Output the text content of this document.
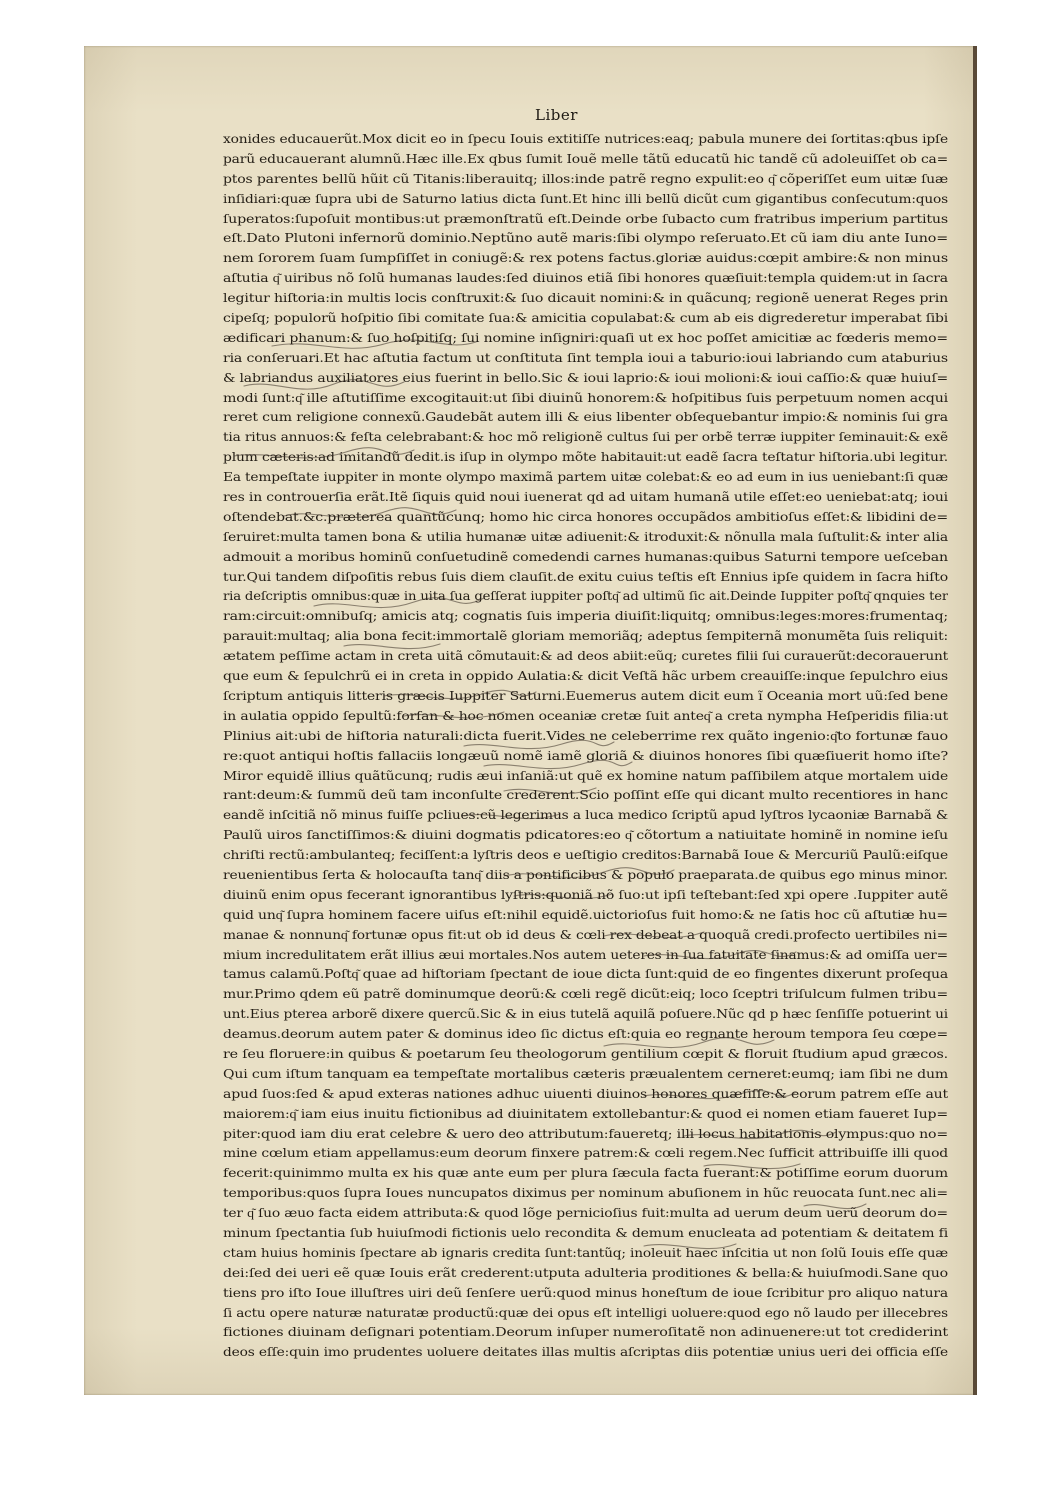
Liber
xonides educauerũt.Mox dicit eo in ſpecu Iouis extitiſſe nutrices:eaq; pabula munere dei ſortitas:qbus ipſe
parũ educauerant alumnũ.Hæc ille.Ex qbus ſumit Iouẽ melle tãtũ educatũ hic tandẽ cũ adoleuiſſet ob ca=
ptos parentes bellũ hũit cũ Titanis:liberauitq; illos:inde patrẽ regno expulit:eo q͂ cõperiſſet eum uitæ ſuæ
inſidiari:quæ ſupra ubi de Saturno latius dicta ſunt.Et hinc illi bellũ dicũt cum gigantibus conſecutum:quos
ſuperatos:ſupoſuit montibus:ut præmonſtratũ eſt.Deinde orbe ſubacto cum fratribus imperium partitus
eſt.Dato Plutoni infernorũ dominio.Neptũno autẽ maris:ſibi olympo reſeruato.Et cũ iam diu ante Iuno=
nem ſororem ſuam ſumpſiſſet in coniugẽ:& rex potens factus.gloriæ auidus:cœpit ambire:& non minus
aſtutia q͂ uiribus nõ ſolũ humanas laudes:ſed diuinos etiã ſibi honores quæſiuit:templa quidem:ut in ſacra
legitur hiſtoria:in multis locis conſtruxit:& ſuo dicauit nomini:& in quãcunq; regionẽ uenerat Reges prin
cipeſq; populorũ hoſpitio ſibi comitate ſua:& amicitia copulabat:& cum ab eis digrederetur imperabat ſibi
ædificari phanum:& ſuo hoſpitiſq; ſui nomine inſigniri:quaſi ut ex hoc poſſet amicitiæ ac fœderis memo=
ria conſeruari.Et hac aſtutia factum ut conſtituta ſint templa ioui a taburio:ioui labriando cum ataburius
& labriandus auxiliatores eius fuerint in bello.Sic & ioui laprio:& ioui molioni:& ioui caſſio:& quæ huiuſ=
modi ſunt:q͂ ille aſtutiſſime excogitauit:ut ſibi diuinũ honorem:& hoſpitibus ſuis perpetuum nomen acqui
reret cum religione connexũ.Gaudebãt autem illi & eius libenter obſequebantur impio:& nominis ſui gra
tia ritus annuos:& feſta celebrabant:& hoc mõ religionẽ cultus ſui per orbẽ terræ iuppiter ſeminauit:& exẽ
plum cæteris:ad imitandũ dedit.is iſup in olympo mõte habitauit:ut eadẽ ſacra teſtatur hiſtoria.ubi legitur.
Ea tempeſtate iuppiter in monte olympo maximã partem uitæ colebat:& eo ad eum in ius ueniebant:ſi quæ
res in controuerſia erãt.Itẽ ſiquis quid noui iuenerat qd ad uitam humanã utile eſſet:eo ueniebat:atq; ioui
oſtendebat.&c.præterea quantũcunq; homo hic circa honores occupãdos ambitioſus eſſet:& libidini de=
ſeruiret:multa tamen bona & utilia humanæ uitæ adiuenit:& itroduxit:& nõnulla mala ſuſtulit:& inter alia
admouit a moribus hominũ conſuetudinẽ comedendi carnes humanas:quibus Saturni tempore ueſceban
tur.Qui tandem diſpoſitis rebus ſuis diem clauſit.de exitu cuius teſtis eſt Ennius ipſe quidem in ſacra hiſto
ria deſcriptis omnibus:quæ in uita ſua geſſerat iuppiter poſtq͂ ad ultimũ ſic ait.Deinde Iuppiter poſtq͂ qnquies ter
ram:circuit:omnibuſq; amicis atq; cognatis ſuis imperia diuiſit:liquitq; omnibus:leges:mores:frumentaq;
parauit:multaq; alia bona fecit:immortalẽ gloriam memoriãq; adeptus ſempiternã monumẽta ſuis reliquit:
ætatem peſſime actam in creta uitã cõmutauit:& ad deos abiit:eũq; curetes filii ſui curauerũt:decorauerunt
que eum & ſepulchrũ ei in creta in oppido Aulatia:& dicit Veſtã hãc urbem creauiſſe:inque ſepulchro eius
ſcriptum antiquis litteris græcis Iuppiter Saturni.Euemerus autem dicit eum ĩ Oceania mort uũ:ſed bene
in aulatia oppido ſepultũ:forſan & hoc nomen oceaniæ cretæ ſuit anteq͂ a creta nympha Heſperidis filia:ut
Plinius ait:ubi de hiſtoria naturali:dicta fuerit.Vides ne celeberrime rex quãto ingenio:q͂to fortunæ fauo
re:quot antiqui hoſtis fallaciis longæuũ nomẽ iamẽ gloriã & diuinos honores ſibi quæſiuerit homo iſte?
Miror equidẽ illius quãtũcunq; rudis æui inſaniã:ut quẽ ex homine natum paſſibilem atque mortalem uide
rant:deum:& ſummũ deũ tam inconſulte crederent.Scio poſſint eſſe qui dicant multo recentiores in hanc
eandẽ inſcitiã nõ minus fuiſſe pcliues:cũ legerimus a luca medico ſcriptũ apud lyſtros lycaoniæ Barnabã &
Paulũ uiros ſanctiſſimos:& diuini dogmatis pdicatores:eo q͂ cõtortum a natiuitate hominẽ in nomine ieſu
chriſti rectũ:ambulanteq; feciſſent:a lyſtris deos e ueſtigio creditos:Barnabã Ioue & Mercuriũ Paulũ:eiſque
reuenientibus ſerta & holocauſta tanq͂ diis a pontificibus & populo praeparata.de quibus ego minus minor.
diuinũ enim opus fecerant ignorantibus lyſtris:quoniã nõ ſuo:ut ipſi teſtebant:ſed xpi opere .Iuppiter autẽ
quid unq͂ ſupra hominem facere uiſus eſt:nihil equidẽ.uictorioſus fuit homo:& ne ſatis hoc cũ aſtutiæ hu=
manae & nonnunq͂ fortunæ opus fit:ut ob id deus & cœli rex debeat a quoquã credi.profecto uertibiles ni=
mium incredulitatem erãt illius æui mortales.Nos autem ueteres in ſua fatuitate ſinamus:& ad omiſſa uer=
tamus calamũ.Poſtq͂ quae ad hiſtoriam ſpectant de ioue dicta ſunt:quid de eo fingentes dixerunt proſequa
mur.Primo qdem eũ patrẽ dominumque deorũ:& cœli regẽ dicũt:eiq; loco ſceptri triſulcum fulmen tribu=
unt.Eius pterea arborẽ dixere quercũ.Sic & in eius tutelã aquilã poſuere.Nũc qd p hæc ſenſiſſe potuerint ui
deamus.deorum autem pater & dominus ideo ſic dictus eſt:quia eo regnante heroum tempora ſeu cœpe=
re ſeu floruere:in quibus & poetarum ſeu theologorum gentilium cœpit & floruit ſtudium apud græcos.
Qui cum iſtum tanquam ea tempeſtate mortalibus cæteris præualentem cerneret:eumq; iam ſibi ne dum
apud ſuos:ſed & apud exteras nationes adhuc uiuenti diuinos honores quæſiſſe:& eorum patrem eſſe aut
maiorem:q͂ iam eius inuitu fictionibus ad diuinitatem extollebantur:& quod ei nomen etiam faueret Iup=
piter:quod iam diu erat celebre & uero deo attributum:faueretq; illi locus habitationis olympus:quo no=
mine cœlum etiam appellamus:eum deorum finxere patrem:& cœli regem.Nec ſufficit attribuiſſe illi quod
fecerit:quinimmo multa ex his quæ ante eum per plura ſæcula facta fuerant:& potiſſime eorum duorum
temporibus:quos ſupra Ioues nuncupatos diximus per nominum abuſionem in hũc reuocata ſunt.nec ali=
ter q͂ ſuo æuo facta eidem attributa:& quod lõge pernicioſius fuit:multa ad uerum deum uerũ deorum do=
minum ſpectantia ſub huiuſmodi fictionis uelo recondita & demum enucleata ad potentiam & deitatem fi
ctam huius hominis ſpectare ab ignaris credita ſunt:tantũq; inoleuit haec inſcitia ut non ſolũ Iouis eſſe quæ
dei:ſed dei ueri eẽ quæ Iouis erãt crederent:utputa adulteria proditiones & bella:& huiuſmodi.Sane quo
tiens pro iſto Ioue illuſtres uiri deũ ſenſere uerũ:quod minus honeſtum de ioue ſcribitur pro aliquo natura
ſi actu opere naturæ naturatæ productũ:quæ dei opus eſt intelligi uoluere:quod ego nõ laudo per illecebres
fictiones diuinam deſignari potentiam.Deorum inſuper numeroſitatẽ non adinuenere:ut tot crediderint
deos eſſe:quin imo prudentes uoluere deitates illas multis aſcriptas diis potentiæ unius ueri dei officia eſſe
